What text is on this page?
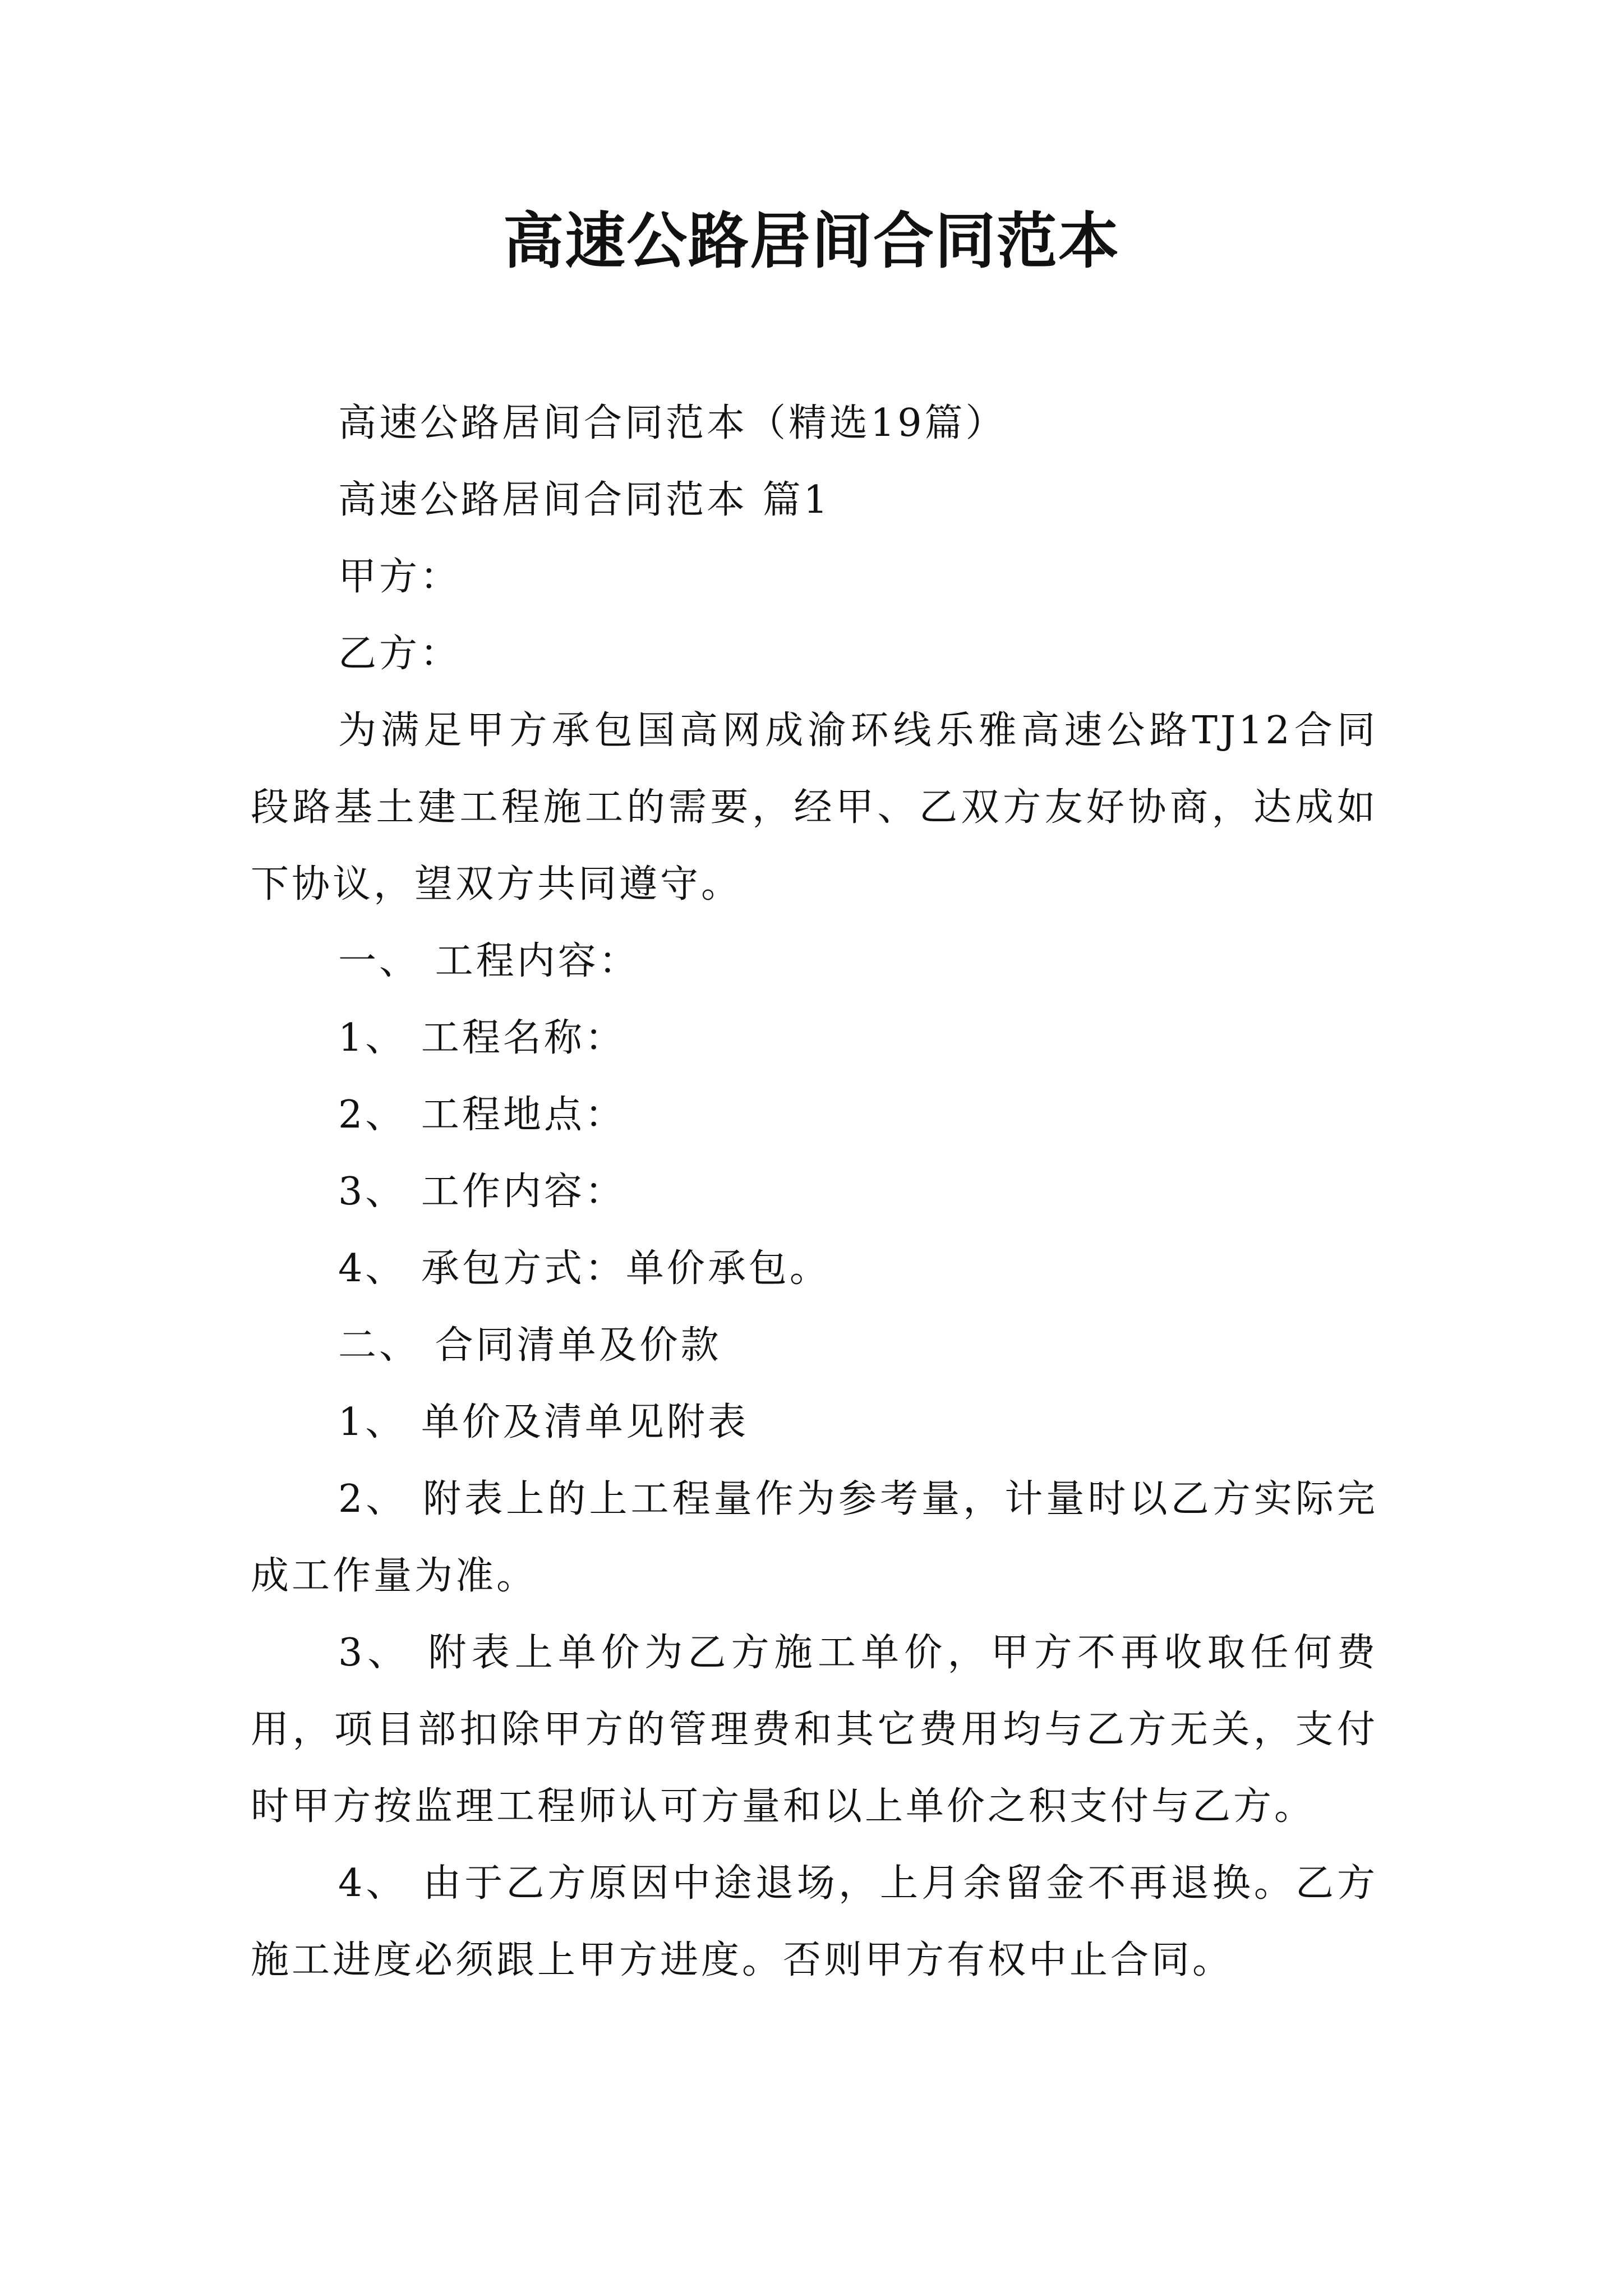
高速公路居间合同范本

高速公路居间合同范本（精选19篇）

高速公路居间合同范本 篇1

甲方：

乙方：

为满足甲方承包国高网成渝环线乐雅高速公路TJ12合同段路基土建工程施工的需要，经甲、乙双方友好协商，达成如下协议，望双方共同遵守。

一、 工程内容：

1、 工程名称：

2、 工程地点：

3、 工作内容：

4、 承包方式：单价承包。

二、 合同清单及价款

1、 单价及清单见附表

2、 附表上的上工程量作为参考量，计量时以乙方实际完成工作量为准。

3、 附表上单价为乙方施工单价，甲方不再收取任何费用，项目部扣除甲方的管理费和其它费用均与乙方无关，支付时甲方按监理工程师认可方量和以上单价之积支付与乙方。

4、 由于乙方原因中途退场，上月余留金不再退换。乙方施工进度必须跟上甲方进度。否则甲方有权中止合同。
